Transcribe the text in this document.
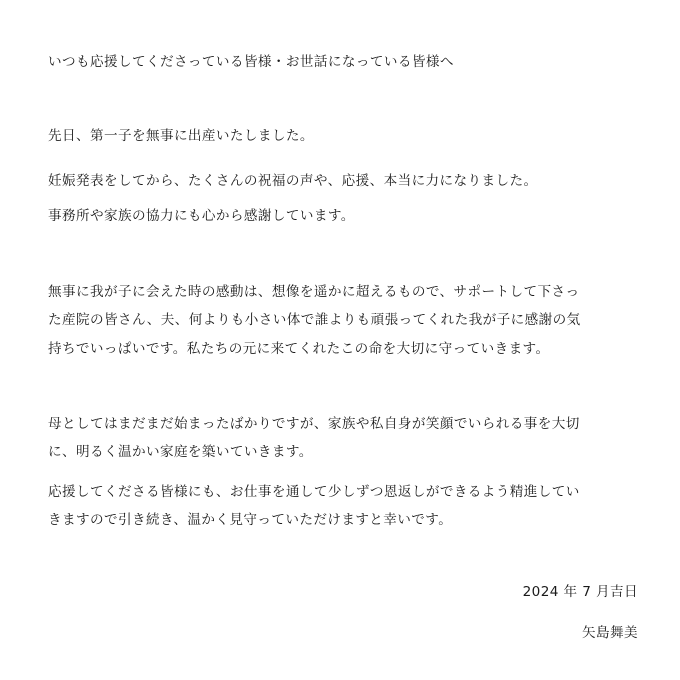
いつも応援してくださっている皆様・お世話になっている皆様へ
先日、第一子を無事に出産いたしました。
妊娠発表をしてから、たくさんの祝福の声や、応援、本当に力になりました。
事務所や家族の協力にも心から感謝しています。
無事に我が子に会えた時の感動は、想像を遥かに超えるもので、サポートして下さっ
た産院の皆さん、夫、何よりも小さい体で誰よりも頑張ってくれた我が子に感謝の気
持ちでいっぱいです。私たちの元に来てくれたこの命を大切に守っていきます。
母としてはまだまだ始まったばかりですが、家族や私自身が笑顔でいられる事を大切
に、明るく温かい家庭を築いていきます。
応援してくださる皆様にも、お仕事を通して少しずつ恩返しができるよう精進してい
きますので引き続き、温かく見守っていただけますと幸いです。
2024 年 7 月吉日
矢島舞美
